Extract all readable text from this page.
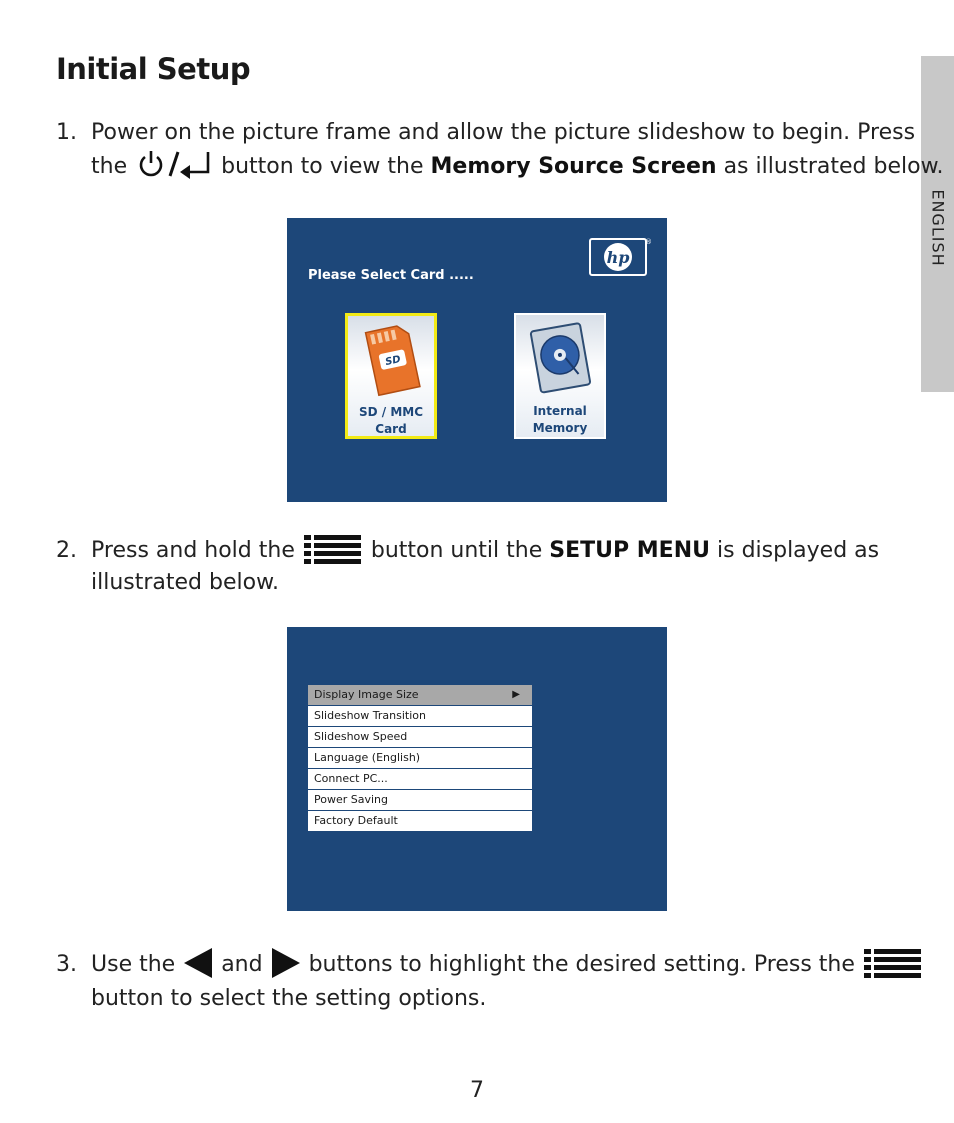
Initial Setup
ENGLISH
1. Power on the picture frame and allow the picture slideshow to begin. Press
the	button to view the Memory Source Screen as illustrated below.
hp
®
Please Select Card .....
SD
SD / MMC
Card
Internal
Memory
2. Press and hold the	button until the SETUP MENU is displayed as
illustrated below.
Display Image Size	▶
Slideshow Transition
Slideshow Speed
Language (English)
Connect PC...
Power Saving
Factory Default
3. Use the and buttons to highlight the desired setting. Press the
button to select the setting options.
7
